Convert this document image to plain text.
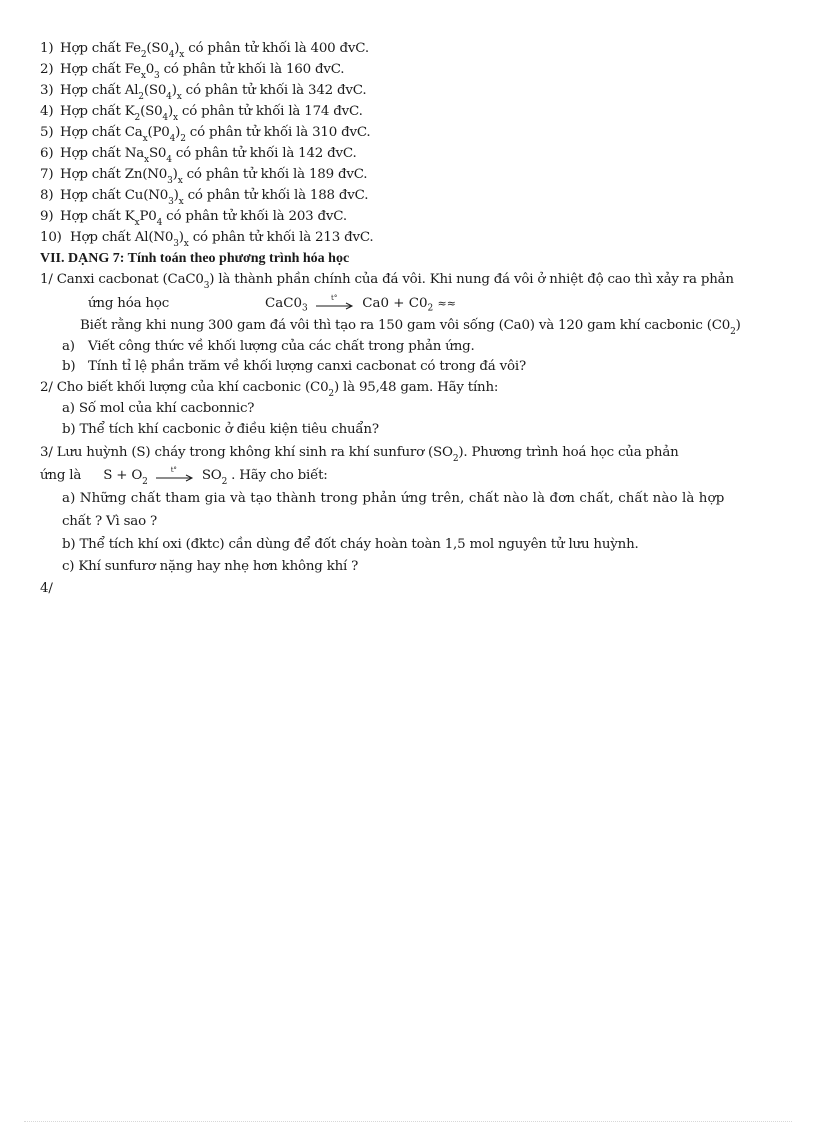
1) Hợp chất $Fe_2(S0_4)_x$ có phân tử khối là 400 đvC.
2) Hợp chất $Fe_x0_3$ có phân tử khối là 160 đvC.
3) Hợp chất $Al_2(S0_4)_x$ có phân tử khối là 342 đvC.
4) Hợp chất $K_2(S0_4)_x$ có phân tử khối là 174 đvC.
5) Hợp chất $Ca_x(P0_4)_2$ có phân tử khối là 310 đvC.
6) Hợp chất $Na_xS0_4$ có phân tử khối là 142 đvC.
7) Hợp chất $Zn(N0_3)_x$ có phân tử khối là 189 đvC.
8) Hợp chất $Cu(N0_3)_x$ có phân tử khối là 188 đvC.
9) Hợp chất $K_xP0_4$ có phân tử khối là 203 đvC.
10) Hợp chất $Al(N0_3)_x$ có phân tử khối là 213 đvC.
VII. DẠNG 7: Tính toán theo phương trình hóa học
1/ Canxi cacbonat $(CaC0_3)$ là thành phần chính của đá vôi. Khi nung đá vôi ở nhiệt độ cao thì xảy ra phản
ứng hóa học	$CaC0_3$
t° $Ca0 + C0_2$ ≈≈
Biết rằng khi nung 300 gam đá vôi thì tạo ra 150 gam vôi sống (Ca0) và 120 gam khí cacbonic $(C0_2)$
a) Viết công thức về khối lượng của các chất trong phản ứng.
b) Tính tỉ lệ phần trăm về khối lượng canxi cacbonat có trong đá vôi?
2/ Cho biết khối lượng của khí cacbonic $(C0_2)$ là 95,48 gam. Hãy tính:
a) Số mol của khí cacbonnic?
b) Thể tích khí cacbonic ở điều kiện tiêu chuẩn?
3/ Lưu huỳnh (S) cháy trong không khí sinh ra khí sunfurơ $(SO_2)$. Phương trình hoá học của phản
ứng là $S + O_2$
t° $SO_2$ . Hãy cho biết:
a) Những chất tham gia và tạo thành trong phản ứng trên, chất nào là đơn chất, chất nào là hợp
chất ? Vì sao ?
b) Thể tích khí oxi (đktc) cần dùng để đốt cháy hoàn toàn 1,5 mol nguyên tử lưu huỳnh.
c) Khí sunfurơ nặng hay nhẹ hơn không khí ?
4/
